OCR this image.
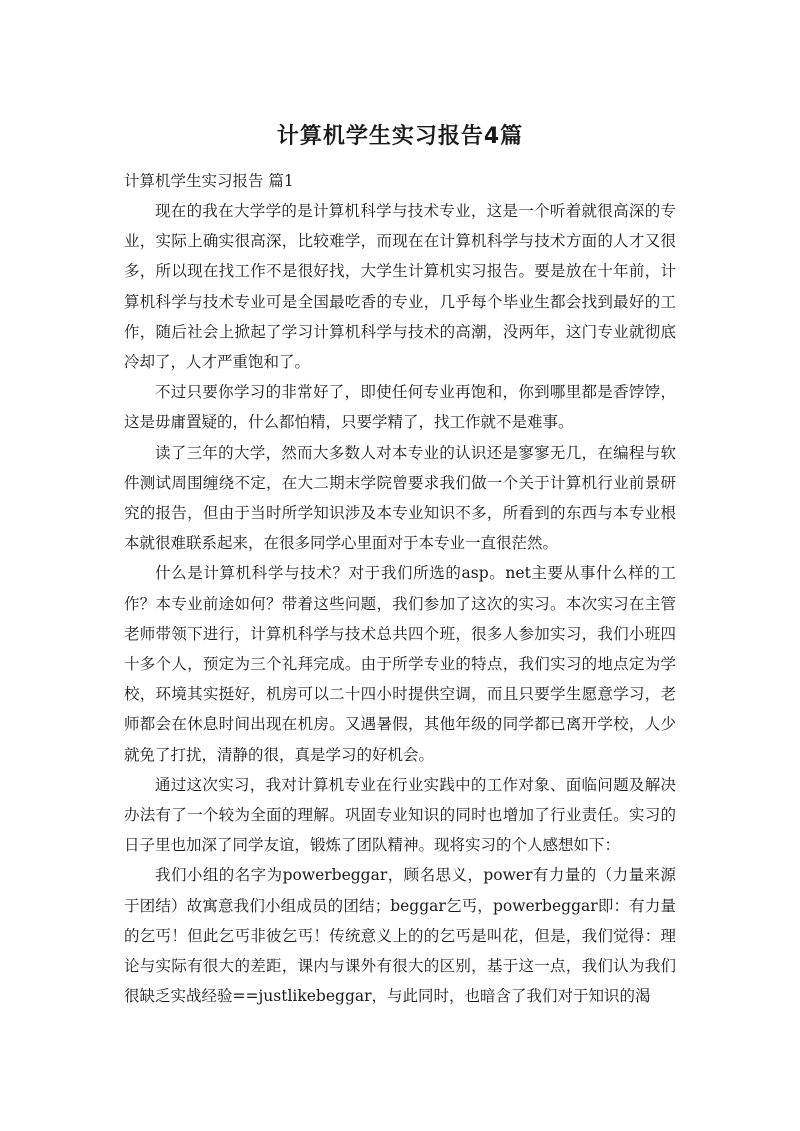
计算机学生实习报告4篇

计算机学生实习报告 篇1

现在的我在大学学的是计算机科学与技术专业，这是一个听着就很高深的专业，实际上确实很高深，比较难学，而现在在计算机科学与技术方面的人才又很多，所以现在找工作不是很好找，大学生计算机实习报告。要是放在十年前，计算机科学与技术专业可是全国最吃香的专业，几乎每个毕业生都会找到最好的工作，随后社会上掀起了学习计算机科学与技术的高潮，没两年，这门专业就彻底冷却了，人才严重饱和了。

不过只要你学习的非常好了，即使任何专业再饱和，你到哪里都是香饽饽，这是毋庸置疑的，什么都怕精，只要学精了，找工作就不是难事。

读了三年的大学，然而大多数人对本专业的认识还是寥寥无几，在编程与软件测试周围缠绕不定，在大二期末学院曾要求我们做一个关于计算机行业前景研究的报告，但由于当时所学知识涉及本专业知识不多，所看到的东西与本专业根本就很难联系起来，在很多同学心里面对于本专业一直很茫然。

什么是计算机科学与技术？对于我们所选的asp。net主要从事什么样的工作？本专业前途如何？带着这些问题，我们参加了这次的实习。本次实习在主管老师带领下进行，计算机科学与技术总共四个班，很多人参加实习，我们小班四十多个人，预定为三个礼拜完成。由于所学专业的特点，我们实习的地点定为学校，环境其实挺好，机房可以二十四小时提供空调，而且只要学生愿意学习，老师都会在休息时间出现在机房。又遇暑假，其他年级的同学都已离开学校，人少就免了打扰，清静的很，真是学习的好机会。

通过这次实习，我对计算机专业在行业实践中的工作对象、面临问题及解决办法有了一个较为全面的理解。巩固专业知识的同时也增加了行业责任。实习的日子里也加深了同学友谊，锻炼了团队精神。现将实习的个人感想如下：

我们小组的名字为powerbeggar，顾名思义，power有力量的（力量来源于团结）故寓意我们小组成员的团结；beggar乞丐，powerbeggar即：有力量的乞丐！但此乞丐非彼乞丐！传统意义上的的乞丐是叫花，但是，我们觉得：理论与实际有很大的差距，课内与课外有很大的区别，基于这一点，我们认为我们很缺乏实战经验==justlikebeggar，与此同时，也暗含了我们对于知识的渴
